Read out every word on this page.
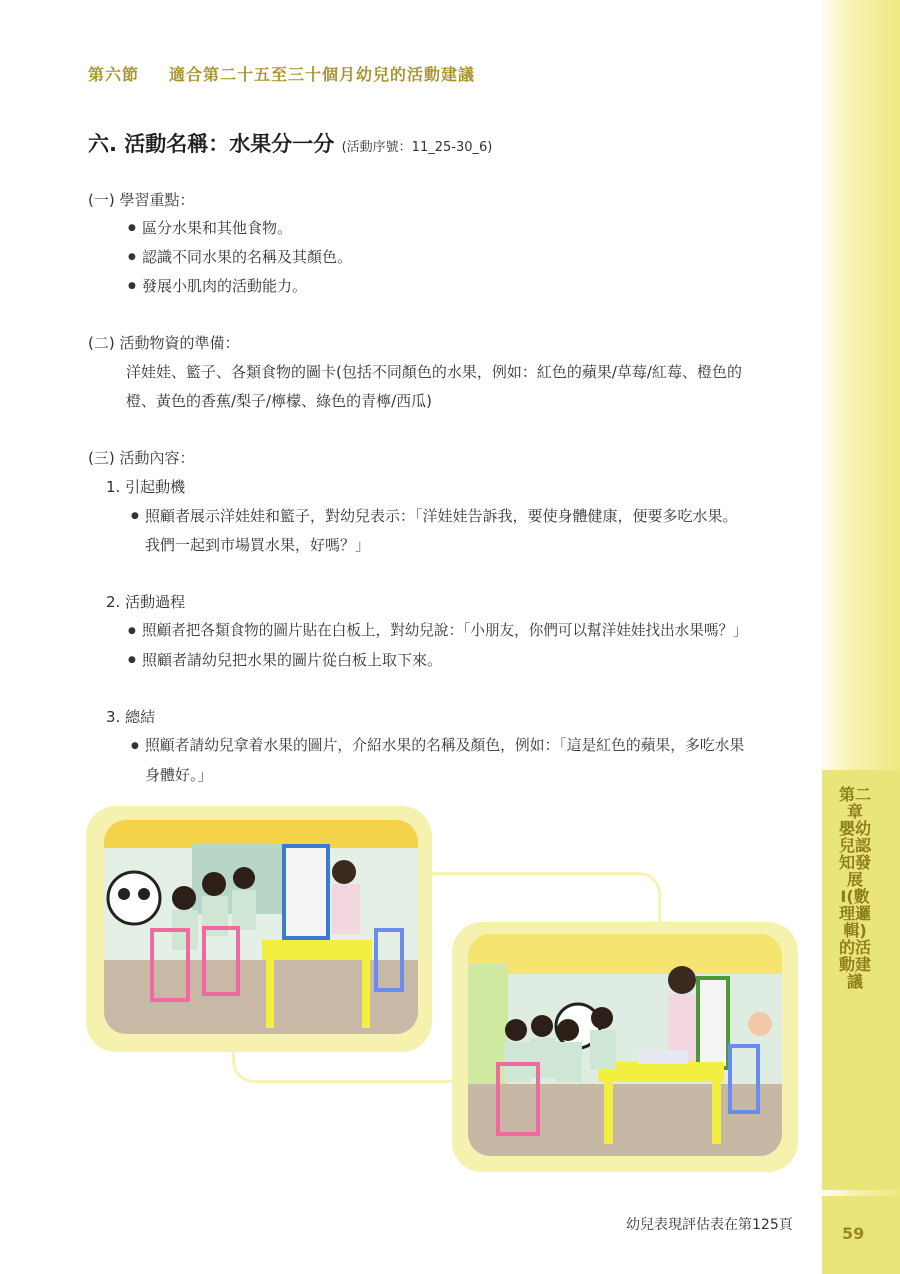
第二章 嬰幼兒認知發展I(數理邏輯)的活動建議
59
第六節 適合第二十五至三十個月幼兒的活動建議
六. 活動名稱：水果分一分 (活動序號：11_25-30_6)
(一) 學習重點：
● 區分水果和其他食物。
● 認識不同水果的名稱及其顏色。
● 發展小肌肉的活動能力。
(二) 活動物資的準備：
洋娃娃、籃子、各類食物的圖卡(包括不同顏色的水果，例如：紅色的蘋果/草莓/紅莓、橙色的
橙、黃色的香蕉/梨子/檸檬、綠色的青檸/西瓜)
(三) 活動內容：
1. 引起動機
● 照顧者展示洋娃娃和籃子，對幼兒表示：「洋娃娃告訴我，要使身體健康，便要多吃水果。
我們一起到市場買水果，好嗎？」
2. 活動過程
● 照顧者把各類食物的圖片貼在白板上，對幼兒說：「小朋友，你們可以幫洋娃娃找出水果嗎？」
● 照顧者請幼兒把水果的圖片從白板上取下來。
3. 總結
● 照顧者請幼兒拿着水果的圖片，介紹水果的名稱及顏色，例如：「這是紅色的蘋果，多吃水果
身體好。」
幼兒表現評估表在第125頁
